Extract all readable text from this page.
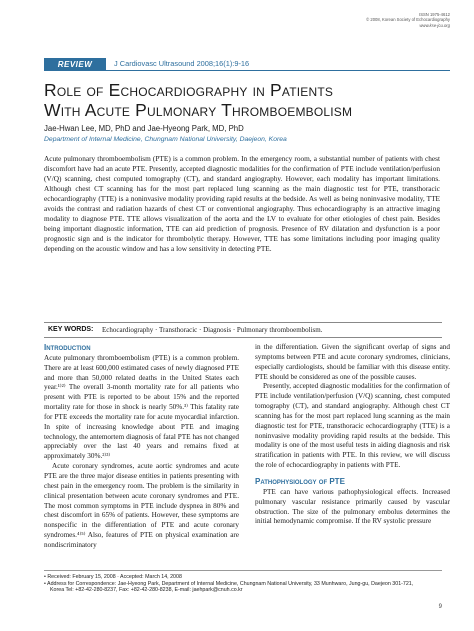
ISSN 1975-4612
© 2008, Korean Society of Echocardiography
www.kse-jcu.org
REVIEW	J Cardiovasc Ultrasound 2008;16(1):9-16
Role of Echocardiography in Patients
With Acute Pulmonary Thromboembolism
Jae-Hwan Lee, MD, PhD and Jae-Hyeong Park, MD, PhD
Department of Internal Medicine, Chungnam National University, Daejeon, Korea
Acute pulmonary thromboembolism (PTE) is a common problem. In the emergency room, a substantial number of patients with chest discomfort have had an acute PTE. Presently, accepted diagnostic modalities for the confirmation of PTE include ventilation/perfusion (V/Q) scanning, chest computed tomography (CT), and standard angiography. However, each modality has important limitations. Although chest CT scanning has for the most part replaced lung scanning as the main diagnostic test for PTE, transthoracic echocardiography (TTE) is a noninvasive modality providing rapid results at the bedside. As well as being noninvasive modality, TTE avoids the contrast and radiation hazards of chest CT or conventional angiography. Thus echocardiography is an attractive imaging modality to diagnose PTE. TTE allows visualization of the aorta and the LV to evaluate for other etiologies of chest pain. Besides being important diagnostic information, TTE can aid prediction of prognosis. Presence of RV dilatation and dysfunction is a poor prognostic sign and is the indicator for thrombolytic therapy. However, TTE has some limitations including poor imaging quality depending on the acoustic window and has a low sensitivity in detecting PTE.
KEY WORDS: Echocardiography · Transthoracic · Diagnosis · Pulmonary thromboembolism.
Introduction

Acute pulmonary thromboembolism (PTE) is a common problem. There are at least 600,000 estimated cases of newly diagnosed PTE and more than 50,000 related deaths in the United States each year.¹⁾²⁾ The overall 3-month mortality rate for all patients who present with PTE is reported to be about 15% and the reported mortality rate for those in shock is nearly 50%.³⁾ This fatality rate for PTE exceeds the mortality rate for acute myocardial infarction. In spite of increasing knowledge about PTE and imaging technology, the antemortem diagnosis of fatal PTE has not changed appreciably over the last 40 years and remains fixed at approximately 30%.²⁾³⁾

Acute coronary syndromes, acute aortic syndromes and acute PTE are the three major disease entities in patients presenting with chest pain in the emergency room. The problem is the similarity in clinical presentation between acute coronary syndromes and PTE. The most common symptoms in PTE include dyspnea in 80% and chest discomfort in 65% of patients. However, these symptoms are nonspecific in the differentiation of PTE and acute coronary syndromes.⁴⁾⁵⁾ Also, features of PTE on physical examination are nondiscriminatory

in the differentiation. Given the significant overlap of signs and symptoms between PTE and acute coronary syndromes, clinicians, especially cardiologists, should be familiar with this disease entity. PTE should be considered as one of the possible causes.

Presently, accepted diagnostic modalities for the confirmation of PTE include ventilation/perfusion (V/Q) scanning, chest computed tomography (CT), and standard angiography. Although chest CT scanning has for the most part replaced lung scanning as the main diagnostic test for PTE, transthoracic echocardiography (TTE) is a noninvasive modality providing rapid results at the bedside. This modality is one of the most useful tests in aiding diagnosis and risk stratification in patients with PTE. In this review, we will discuss the role of echocardiography in patients with PTE.

Pathophysiology of PTE

PTE can have various pathophysiological effects. Increased pulmonary vascular resistance primarily caused by vascular obstruction. The size of the pulmonary embolus determines the initial hemodynamic compromise. If the RV systolic pressure

• Received: February 15, 2008 · Accepted: March 14, 2008
• Address for Correspondence: Jae-Hyeong Park, Department of Internal Medicine, Chungnam National University, 33 Munhwaro, Jung-gu, Daejeon 301-721,
Korea Tel: +82-42-280-8237, Fax: +82-42-280-8238, E-mail: jaehpark@cnuh.co.kr
9
